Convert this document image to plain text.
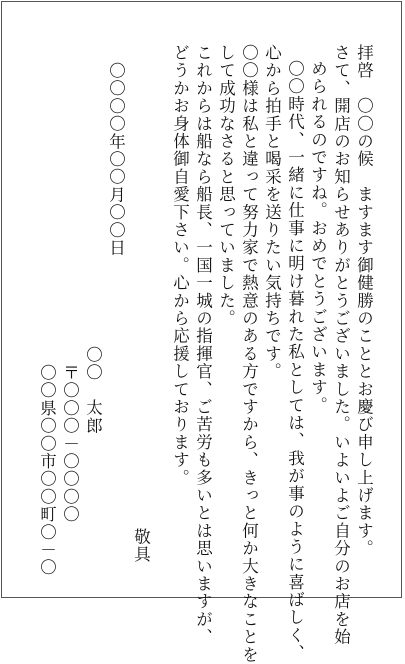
拝啓　〇〇の候　ますます御健勝のこととお慶び申し上げます。
さて、開店のお知らせありがとうございました。いよいよご自分のお店を始
められるのですね。おめでとうございます。
〇〇時代、一緒に仕事に明け暮れた私としては、我が事のように喜ばしく、
心から拍手と喝采を送りたい気持ちです。
〇〇様は私と違って努力家で熱意のある方ですから、きっと何か大きなことを
して成功なさると思っていました。
これからは船なら船長、一国一城の指揮官、ご苦労も多いとは思いますが、
どうかお身体御自愛下さい。心から応援しております。
〇〇〇〇年〇〇月〇〇日
〇〇　太郎
〒〇〇〇－〇〇〇〇
〇〇県〇〇市〇〇町〇－〇	敬具
